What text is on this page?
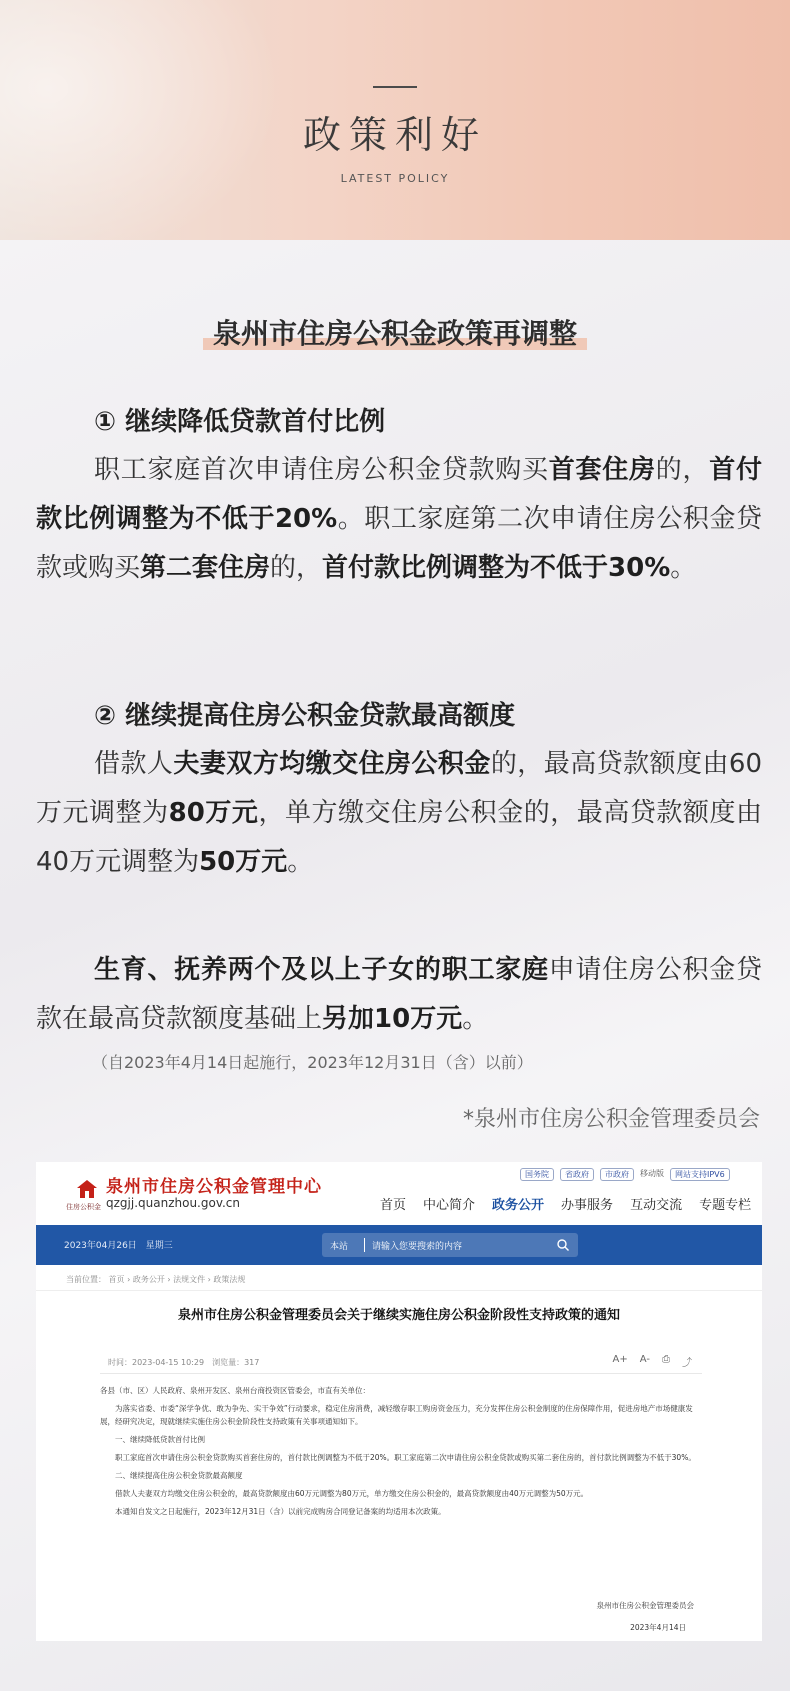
政策利好
LATEST POLICY
泉州市住房公积金政策再调整
① 继续降低贷款首付比例
职工家庭首次申请住房公积金贷款购买首套住房的，首付款比例调整为不低于20%。职工家庭第二次申请住房公积金贷款或购买第二套住房的，首付款比例调整为不低于30%。
② 继续提高住房公积金贷款最高额度
借款人夫妻双方均缴交住房公积金的，最高贷款额度由60万元调整为80万元，单方缴交住房公积金的，最高贷款额度由40万元调整为50万元。
生育、抚养两个及以上子女的职工家庭申请住房公积金贷款在最高贷款额度基础上另加10万元。
（自2023年4月14日起施行，2023年12月31日（含）以前）
*泉州市住房公积金管理委员会
住房公积金
泉州市住房公积金管理中心
qzgjj.quanzhou.gov.cn
国务院	省政府	市政府	移动版	网站支持IPV6
首页 中心简介 政务公开 办事服务 互动交流 专题专栏
2023年04月26日　星期三	本站	请输入您要搜索的内容
当前位置： 首页 › 政务公开 › 法规文件 › 政策法规
泉州市住房公积金管理委员会关于继续实施住房公积金阶段性支持政策的通知
时间：2023-04-15 10:29　浏览量：317	A+ A- ⎙ ⤴

各县（市、区）人民政府、泉州开发区、泉州台商投资区管委会，市直有关单位：

为落实省委、市委“深学争优、敢为争先、实干争效”行动要求，稳定住房消费，减轻缴存职工购房资金压力，充分发挥住房公积金制度的住房保障作用，促进房地产市场健康发展，经研究决定，现就继续实施住房公积金阶段性支持政策有关事项通知如下。

一、继续降低贷款首付比例

职工家庭首次申请住房公积金贷款购买首套住房的，首付款比例调整为不低于20%。职工家庭第二次申请住房公积金贷款或购买第二套住房的，首付款比例调整为不低于30%。

二、继续提高住房公积金贷款最高额度

借款人夫妻双方均缴交住房公积金的，最高贷款额度由60万元调整为80万元，单方缴交住房公积金的，最高贷款额度由40万元调整为50万元。

本通知自发文之日起施行，2023年12月31日（含）以前完成购房合同登记备案的均适用本次政策。

泉州市住房公积金管理委员会
2023年4月14日
